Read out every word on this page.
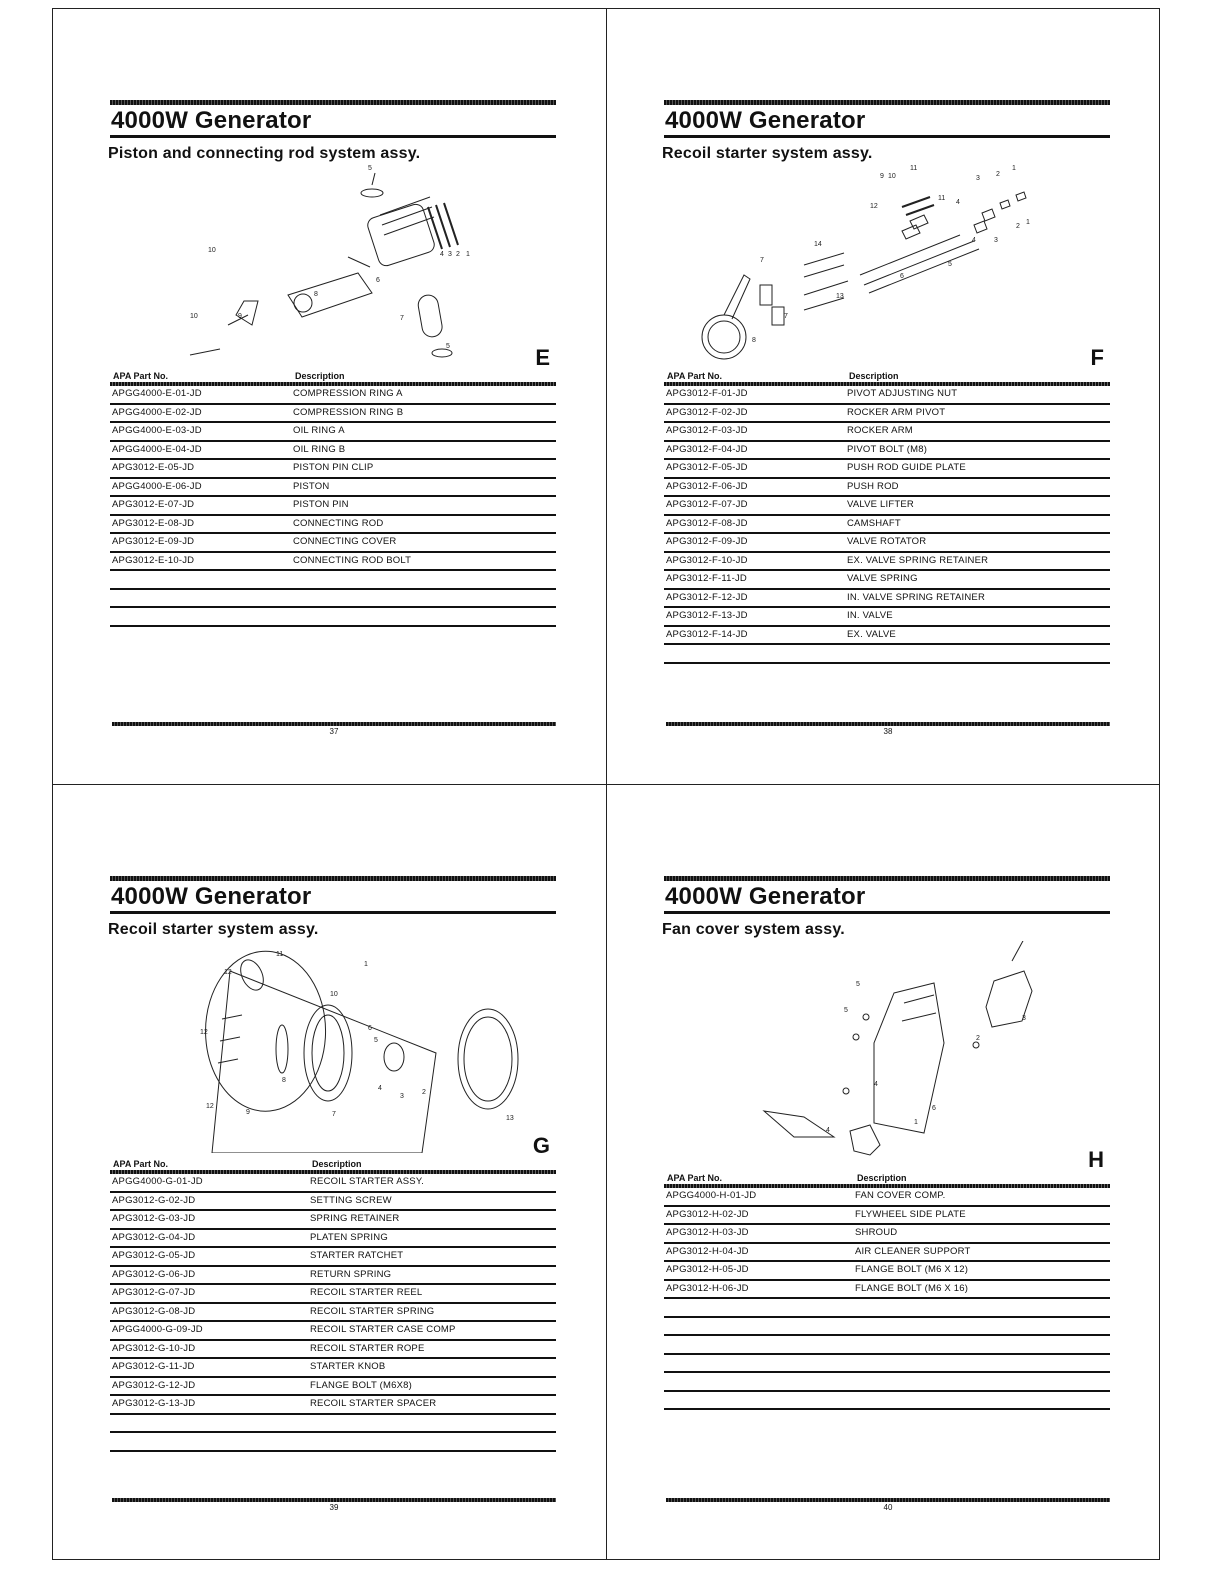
4000W Generator
Piston and connecting rod system assy.
E
5
10
4 3 2 1
6
8
10	9	7
5
APA Part No.	Description
APGG4000-E-01-JD	COMPRESSION RING A
APGG4000-E-02-JD	COMPRESSION RING B
APGG4000-E-03-JD	OIL RING A
APGG4000-E-04-JD	OIL RING B
APG3012-E-05-JD	PISTON PIN CLIP
APGG4000-E-06-JD	PISTON
APG3012-E-07-JD	PISTON PIN
APG3012-E-08-JD	CONNECTING ROD
APG3012-E-09-JD	CONNECTING COVER
APG3012-E-10-JD	CONNECTING ROD BOLT
37
4000W Generator
Recoil starter system assy.
F
9 10
11
3
2
1
12
11
4
14
7
6
5
13
8
7
4	3
2
1
APA Part No.	Description
APG3012-F-01-JD	PIVOT ADJUSTING NUT
APG3012-F-02-JD	ROCKER ARM PIVOT
APG3012-F-03-JD	ROCKER ARM
APG3012-F-04-JD	PIVOT BOLT (M8)
APG3012-F-05-JD	PUSH ROD GUIDE PLATE
APG3012-F-06-JD	PUSH ROD
APG3012-F-07-JD	VALVE LIFTER
APG3012-F-08-JD	CAMSHAFT
APG3012-F-09-JD	VALVE ROTATOR
APG3012-F-10-JD	EX. VALVE SPRING RETAINER
APG3012-F-11-JD	VALVE SPRING
APG3012-F-12-JD	IN. VALVE SPRING RETAINER
APG3012-F-13-JD	IN. VALVE
APG3012-F-14-JD	EX. VALVE
38
4000W Generator
Recoil starter system assy.
G
11
12
1
10
12
6
5
8
4
2
12
9	7
3
13
APA Part No.	Description
APGG4000-G-01-JD	RECOIL STARTER ASSY.
APG3012-G-02-JD	SETTING SCREW
APG3012-G-03-JD	SPRING RETAINER
APG3012-G-04-JD	PLATEN SPRING
APG3012-G-05-JD	STARTER RATCHET
APG3012-G-06-JD	RETURN SPRING
APG3012-G-07-JD	RECOIL STARTER REEL
APG3012-G-08-JD	RECOIL STARTER SPRING
APGG4000-G-09-JD	RECOIL STARTER CASE COMP
APG3012-G-10-JD	RECOIL STARTER ROPE
APG3012-G-11-JD	STARTER KNOB
APG3012-G-12-JD	FLANGE BOLT (M6X8)
APG3012-G-13-JD	RECOIL STARTER SPACER
39
4000W Generator
Fan cover system assy.
H
5
5
4
6
1
3
2
4
APA Part No.	Description
APGG4000-H-01-JD	FAN COVER COMP.
APG3012-H-02-JD	FLYWHEEL SIDE PLATE
APG3012-H-03-JD	SHROUD
APG3012-H-04-JD	AIR CLEANER SUPPORT
APG3012-H-05-JD	FLANGE BOLT (M6 X 12)
APG3012-H-06-JD	FLANGE BOLT (M6 X 16)
40
